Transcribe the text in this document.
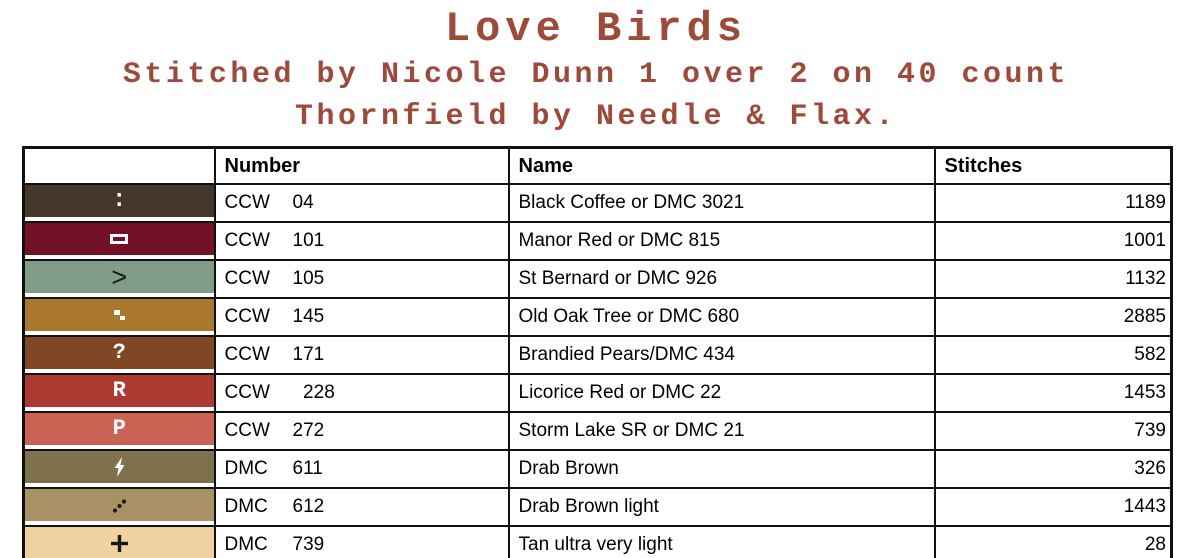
Love Birds
Stitched by Nicole Dunn 1 over 2 on 40 count
Thornfield by Needle & Flax.
	Number	Name	Stitches

:	CCW 04	Black Coffee or DMC 3021	1189

	CCW 101	Manor Red or DMC 815	1001

>	CCW 105	St Bernard or DMC 926	1132

	CCW 145	Old Oak Tree or DMC 680	2885

?	CCW 171	Brandied Pears/DMC 434	582

R	CCW  228	Licorice Red or DMC 22	1453

P	CCW 272	Storm Lake SR or DMC 21	739

	DMC 611	Drab Brown	326

	DMC 612	Drab Brown light	1443

	DMC 739	Tan ultra very light	28
